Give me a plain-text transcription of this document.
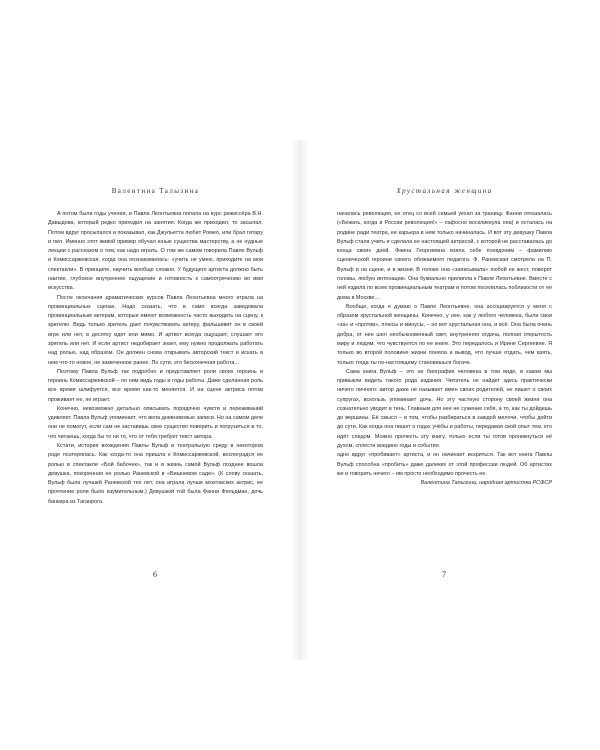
Валентина Талызина

А потом были годы учения, и Павла Леонтьевна попала на курс режиссёра В.Н. Давыдова, который редко приходил на занятия. Когда же приходил, то засыпал. Потом вдруг просыпался и показывал, как Джульетта любит Ромео, или брал гитару и пел. Именно этот живой пример обучал юные существа мастерству, а не нудные лекции с рассказом о том, как надо играть. О том же самом говорила Павле Вульф и Комиссаржевская, когда она познакомилась: «учить не умею, приходите на мои спектакли». В принципе, научить вообще сложно. У будущего артиста должно быть наитие, глубокое внутреннее ощущение и готовность к самоотречению во имя искусства.

После окончания драматических курсов Павла Леонтьевна много играла на провинциальных сценах. Надо сказать, что в само всегда заведовала провинциальным актерам, которые имеют возможность часто выходить на сцену, к зрителю. Ведь только зритель дает почувствовать актеру, фальшивит он в своей игре или нет, в десятку идет или мимо. И артист всегда ощущает, слушает его зритель или нет. И если артист недобирает знает, ему нужно продолжать работать над ролью, над образом. Он должен снова открывать авторский текст и искать в нем что-то новое, не замеченное ранее. По сути, это бесконечная работа...

Поэтому Павла Вульф так подробно и представляет роли своих героинь и героинь Комиссаржевской – по ним видь годы и годы работы. Даже сделанная роль все время шлифуется, все время как-то меняется. И на сцене актриса потом проживает ее, не играет.

Конечно, невозможно детально описывать порядочно чувств и переживаний удивляет. Павла Вульф упоминает, что вела дневниковые записи. Но на самом деле они не помогут, если сам не заставишь свое существо поверить и погрузиться в то, что читаешь, когда бы то ни то, что от тебя требует текст автора.

Кстати, история вхождения Павлы Вульф в театральную среду в некотором роде поэтерялась. Как когда-то она пришла к Комиссаржевской, воспоградся ее ролью в спектакле «Бой бабочек», так и в жизнь самой Вульф позднее вошла девушка, покоренная ее ролью Раневской в «Вишневом саде». (К слову сказать, Вульф была лучшей Раневской тех лет, она играла лучше мхатовских актрис, ее прочтение роли было изумительным.) Девушкой той была Фанни Фельдман, дочь банкира из Таганрога.

6
Хрустальная женщина

началась революция, ее отец со всей семьей уехал за границу. Фанни отказалась («Бежать, когда в России революция!» – пафосно воскликнула она) и осталась на родине ради театра, ее карьера в нем только начиналась. И вот эту девушку Павла Вульф стала учить и сделала ее настоящей актрисой, с которой не расставалась до конца своих дней. Фаина Георгиевна взяла себе псевдоним – фамилию сценической героини своего обожаемого педагога. Ф. Раневская смотрела на П. Вульф и на сцене, и в жизни. В голове она «записывала» любой ее жест, поворот головы, любую интонацию. Она буквально прилипла к Павле Леонтьевне. Вместе с ней ездила по всем провинциальным театрам и потом поселилась поблизости от ее дома в Москве...

Вообще, когда я думаю о Павле Леонтьевне, она ассоциируется у меня с образом хрустальной женщины. Конечно, у нее, как у любого человека, были свои «за» и «против», плюсы и минусы, – но вот хрустальная она, и всё. Она была очень добра, от нее шел необыкновенный свет, внутренняя отдача, полная открытость миру и людям, что чувствуется по ее книге. Это передалось и Ирине Сергеевне. Я только во второй половине жизни поняла и вывод, что лучше отдать, чем взять, только тогда ты по-настоящему становишься богаче.

Сама книга Вульф – это не биография человека в том виде, в каком мы привыкли видеть такого рода издания. Читатель не найдет здесь практически ничего личного: автор даже не называет имен своих родителей, не пишет о своих супругах, вскользь упоминает дочь. Но эту частную сторону своей жизни она сознательно уводит в тень. Главным для нее не сужение себя, а то, как ты дойдешь до вершины. Её смысл – в том, чтобы разбираться в каждой мелочи, чтобы дойти до сути. Как когда она пишет о годах учёбы и работы, передавая свой опыт тем, кто идёт следом. Можно прочесть эту книгу, только если ты готов проникнуться её духом, сплести воедино годы и события.

одно вдруг «пробивает» артиста, и он начинает искриться. Так вот книга Павлы Вульф способна «пробить» даже далеких от этой профессии людей. Об артистах же и говорить нечего – им просто необходимо прочесть ее.

Валентина Талызина, народная артистка РСФСР

7
